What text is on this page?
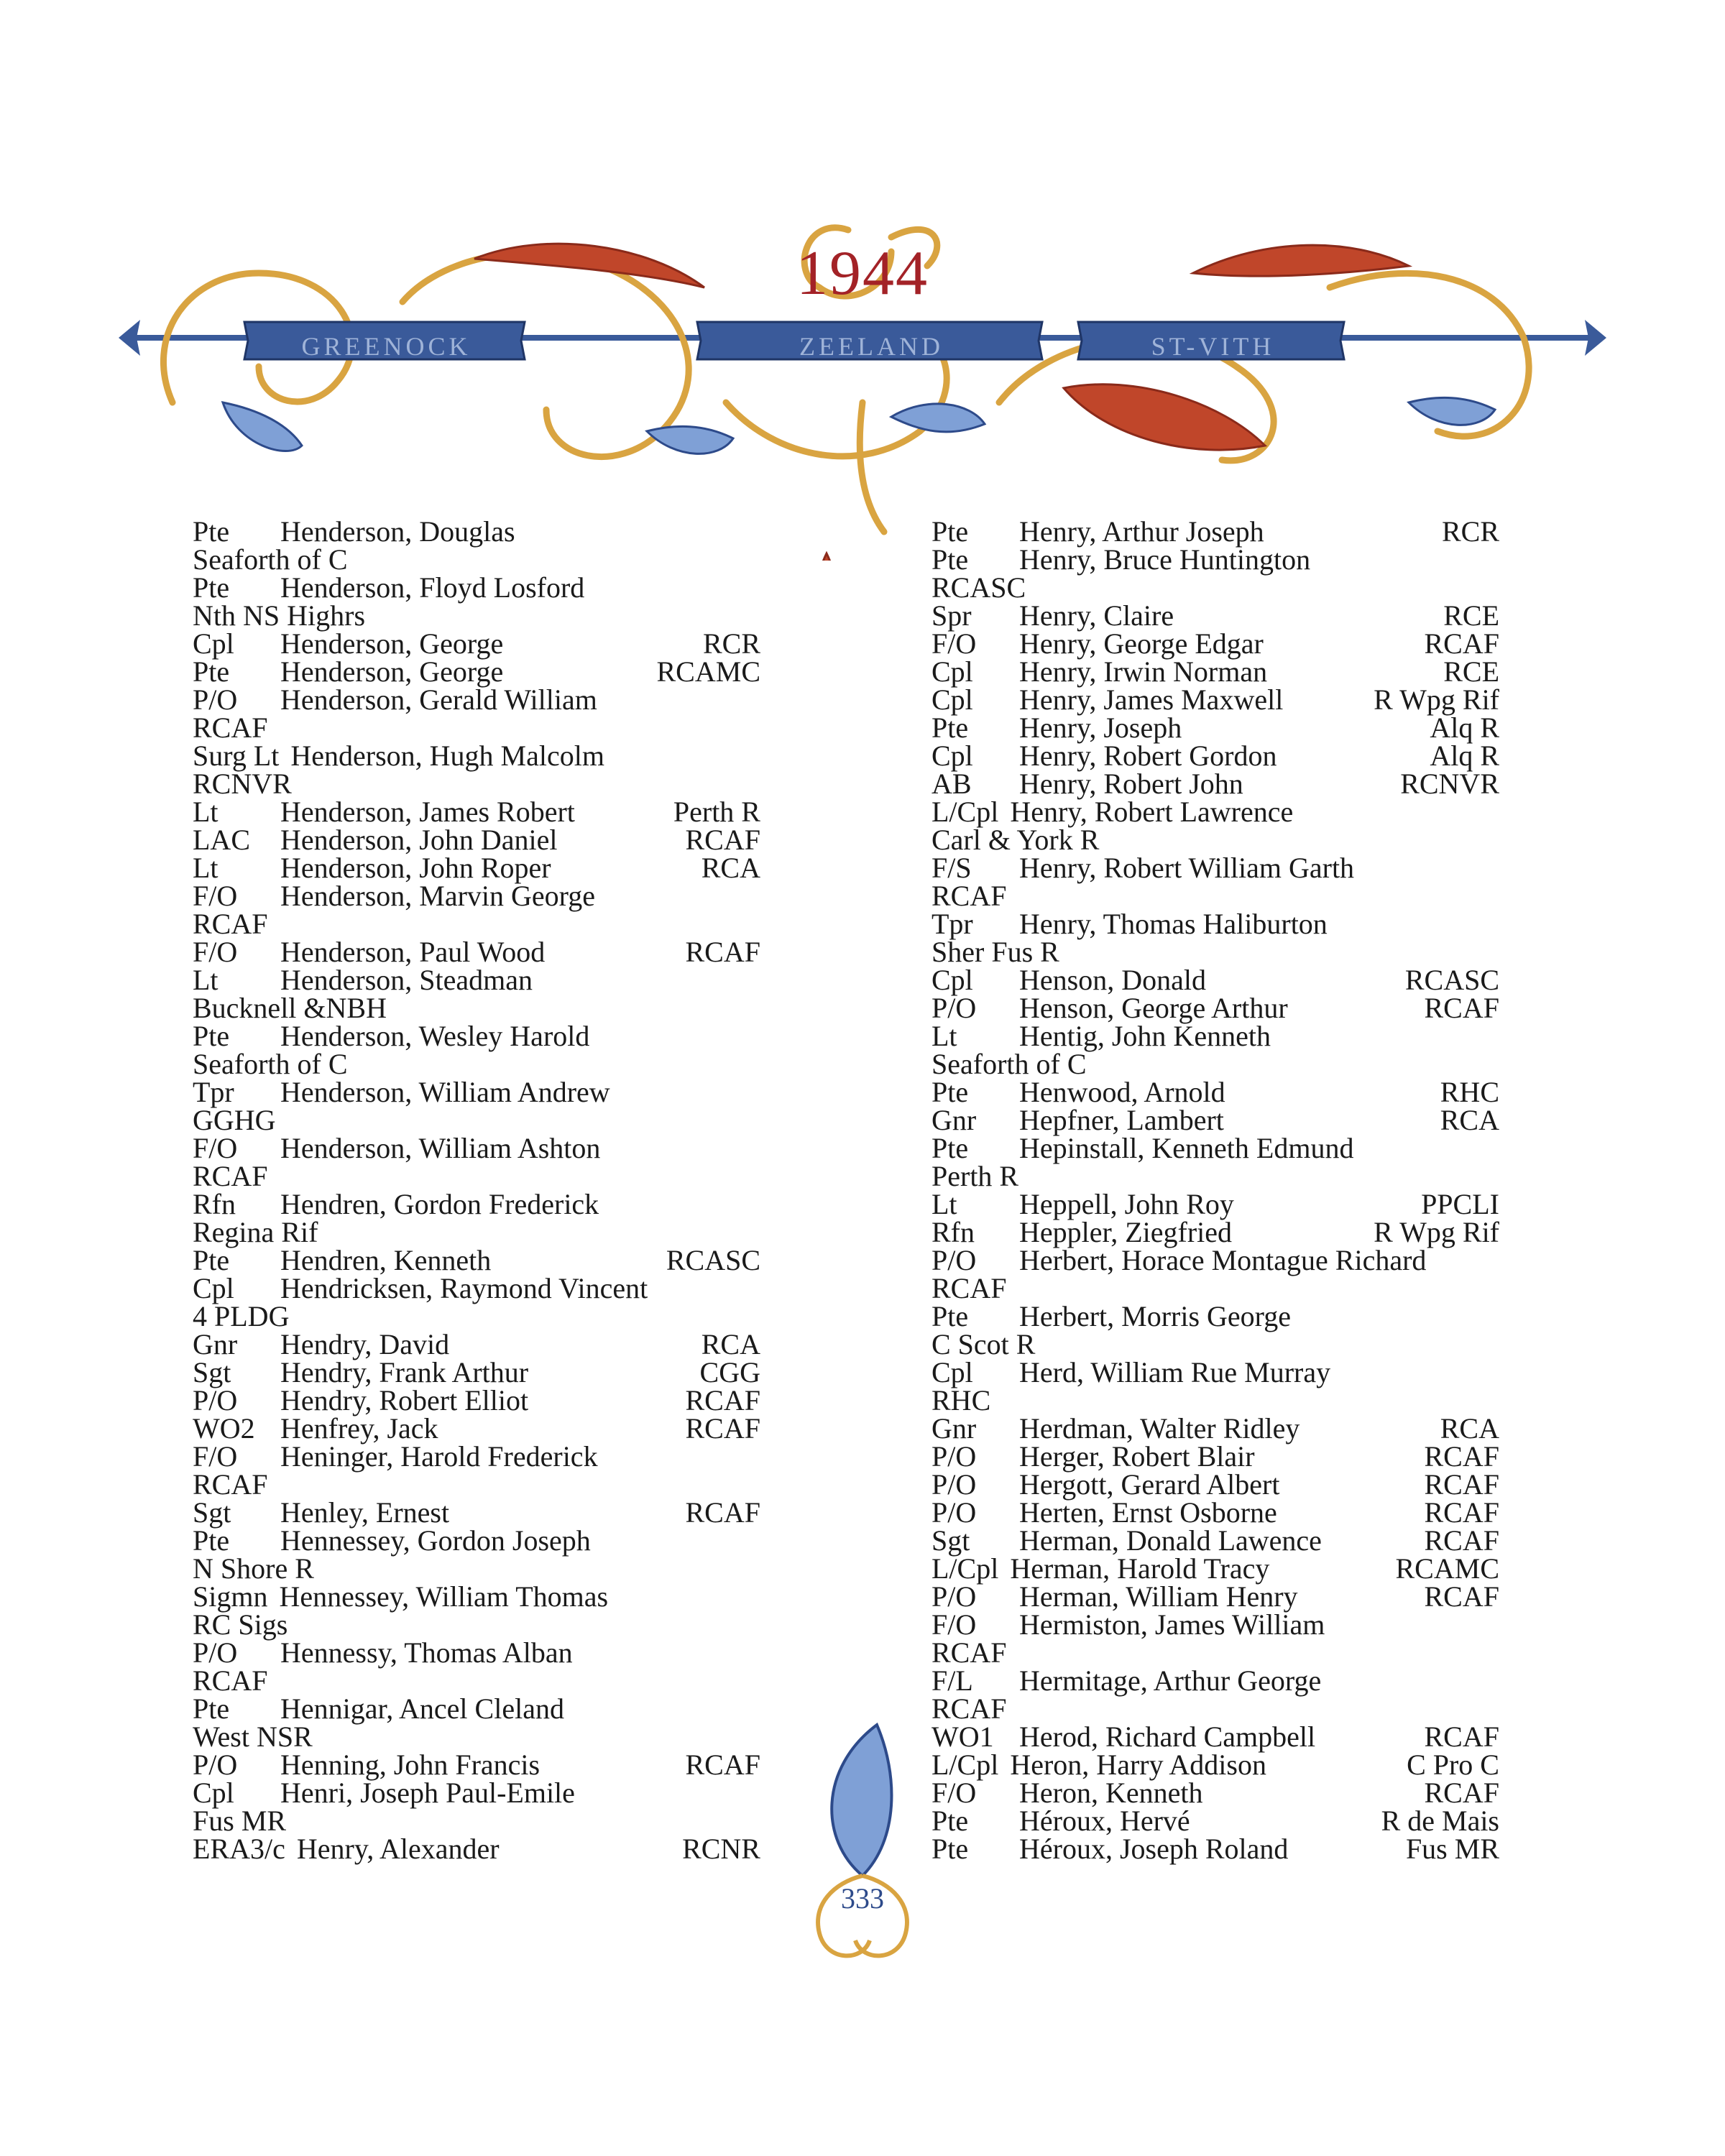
1944
GREENOCK	ZEELAND	ST-VITH
Pte	Henderson, Douglas
Seaforth of C
Pte	Henderson, Floyd Losford
Nth NS Highrs
Cpl	Henderson, George	RCR
Pte	Henderson, George	RCAMC
P/O	Henderson, Gerald William
RCAF
Surg Lt Henderson, Hugh Malcolm
RCNVR
Lt	Henderson, James Robert	Perth R
LAC	Henderson, John Daniel	RCAF
Lt	Henderson, John Roper	RCA
F/O	Henderson, Marvin George
RCAF
F/O	Henderson, Paul Wood	RCAF
Lt	Henderson, Steadman
Bucknell &NBH
Pte	Henderson, Wesley Harold
Seaforth of C
Tpr	Henderson, William Andrew
GGHG
F/O	Henderson, William Ashton
RCAF
Rfn	Hendren, Gordon Frederick
Regina Rif
Pte	Hendren, Kenneth	RCASC
Cpl	Hendricksen, Raymond Vincent
4 PLDG
Gnr	Hendry, David	RCA
Sgt	Hendry, Frank Arthur	CGG
P/O	Hendry, Robert Elliot	RCAF
WO2 Henfrey, Jack	RCAF
F/O	Heninger, Harold Frederick
RCAF
Sgt	Henley, Ernest	RCAF
Pte	Hennessey, Gordon Joseph
N Shore R
Sigmn Hennessey, William Thomas
RC Sigs
P/O	Hennessy, Thomas Alban
RCAF
Pte	Hennigar, Ancel Cleland
West NSR
P/O	Henning, John Francis	RCAF
Cpl	Henri, Joseph Paul-Emile
Fus MR
ERA3/c Henry, Alexander	RCNR
Pte	Henry, Arthur Joseph	RCR
Pte	Henry, Bruce Huntington
RCASC
Spr	Henry, Claire	RCE
F/O	Henry, George Edgar	RCAF
Cpl	Henry, Irwin Norman	RCE
Cpl	Henry, James Maxwell	R Wpg Rif
Pte	Henry, Joseph	Alq R
Cpl	Henry, Robert Gordon	Alq R
AB	Henry, Robert John	RCNVR
L/Cpl Henry, Robert Lawrence
Carl & York R
F/S	Henry, Robert William Garth
RCAF
Tpr	Henry, Thomas Haliburton
Sher Fus R
Cpl	Henson, Donald	RCASC
P/O	Henson, George Arthur	RCAF
Lt	Hentig, John Kenneth
Seaforth of C
Pte	Henwood, Arnold	RHC
Gnr	Hepfner, Lambert	RCA
Pte	Hepinstall, Kenneth Edmund
Perth R
Lt	Heppell, John Roy	PPCLI
Rfn	Heppler, Ziegfried	R Wpg Rif
P/O	Herbert, Horace Montague Richard
RCAF
Pte	Herbert, Morris George
C Scot R
Cpl	Herd, William Rue Murray
RHC
Gnr	Herdman, Walter Ridley	RCA
P/O	Herger, Robert Blair	RCAF
P/O	Hergott, Gerard Albert	RCAF
P/O	Herten, Ernst Osborne	RCAF
Sgt	Herman, Donald Lawence	RCAF
L/Cpl Herman, Harold Tracy	RCAMC
P/O	Herman, William Henry	RCAF
F/O	Hermiston, James William
RCAF
F/L	Hermitage, Arthur George
RCAF
WO1 Herod, Richard Campbell	RCAF
L/Cpl Heron, Harry Addison	C Pro C
F/O	Heron, Kenneth	RCAF
Pte	Héroux, Hervé	R de Mais
Pte	Héroux, Joseph Roland	Fus MR
333
